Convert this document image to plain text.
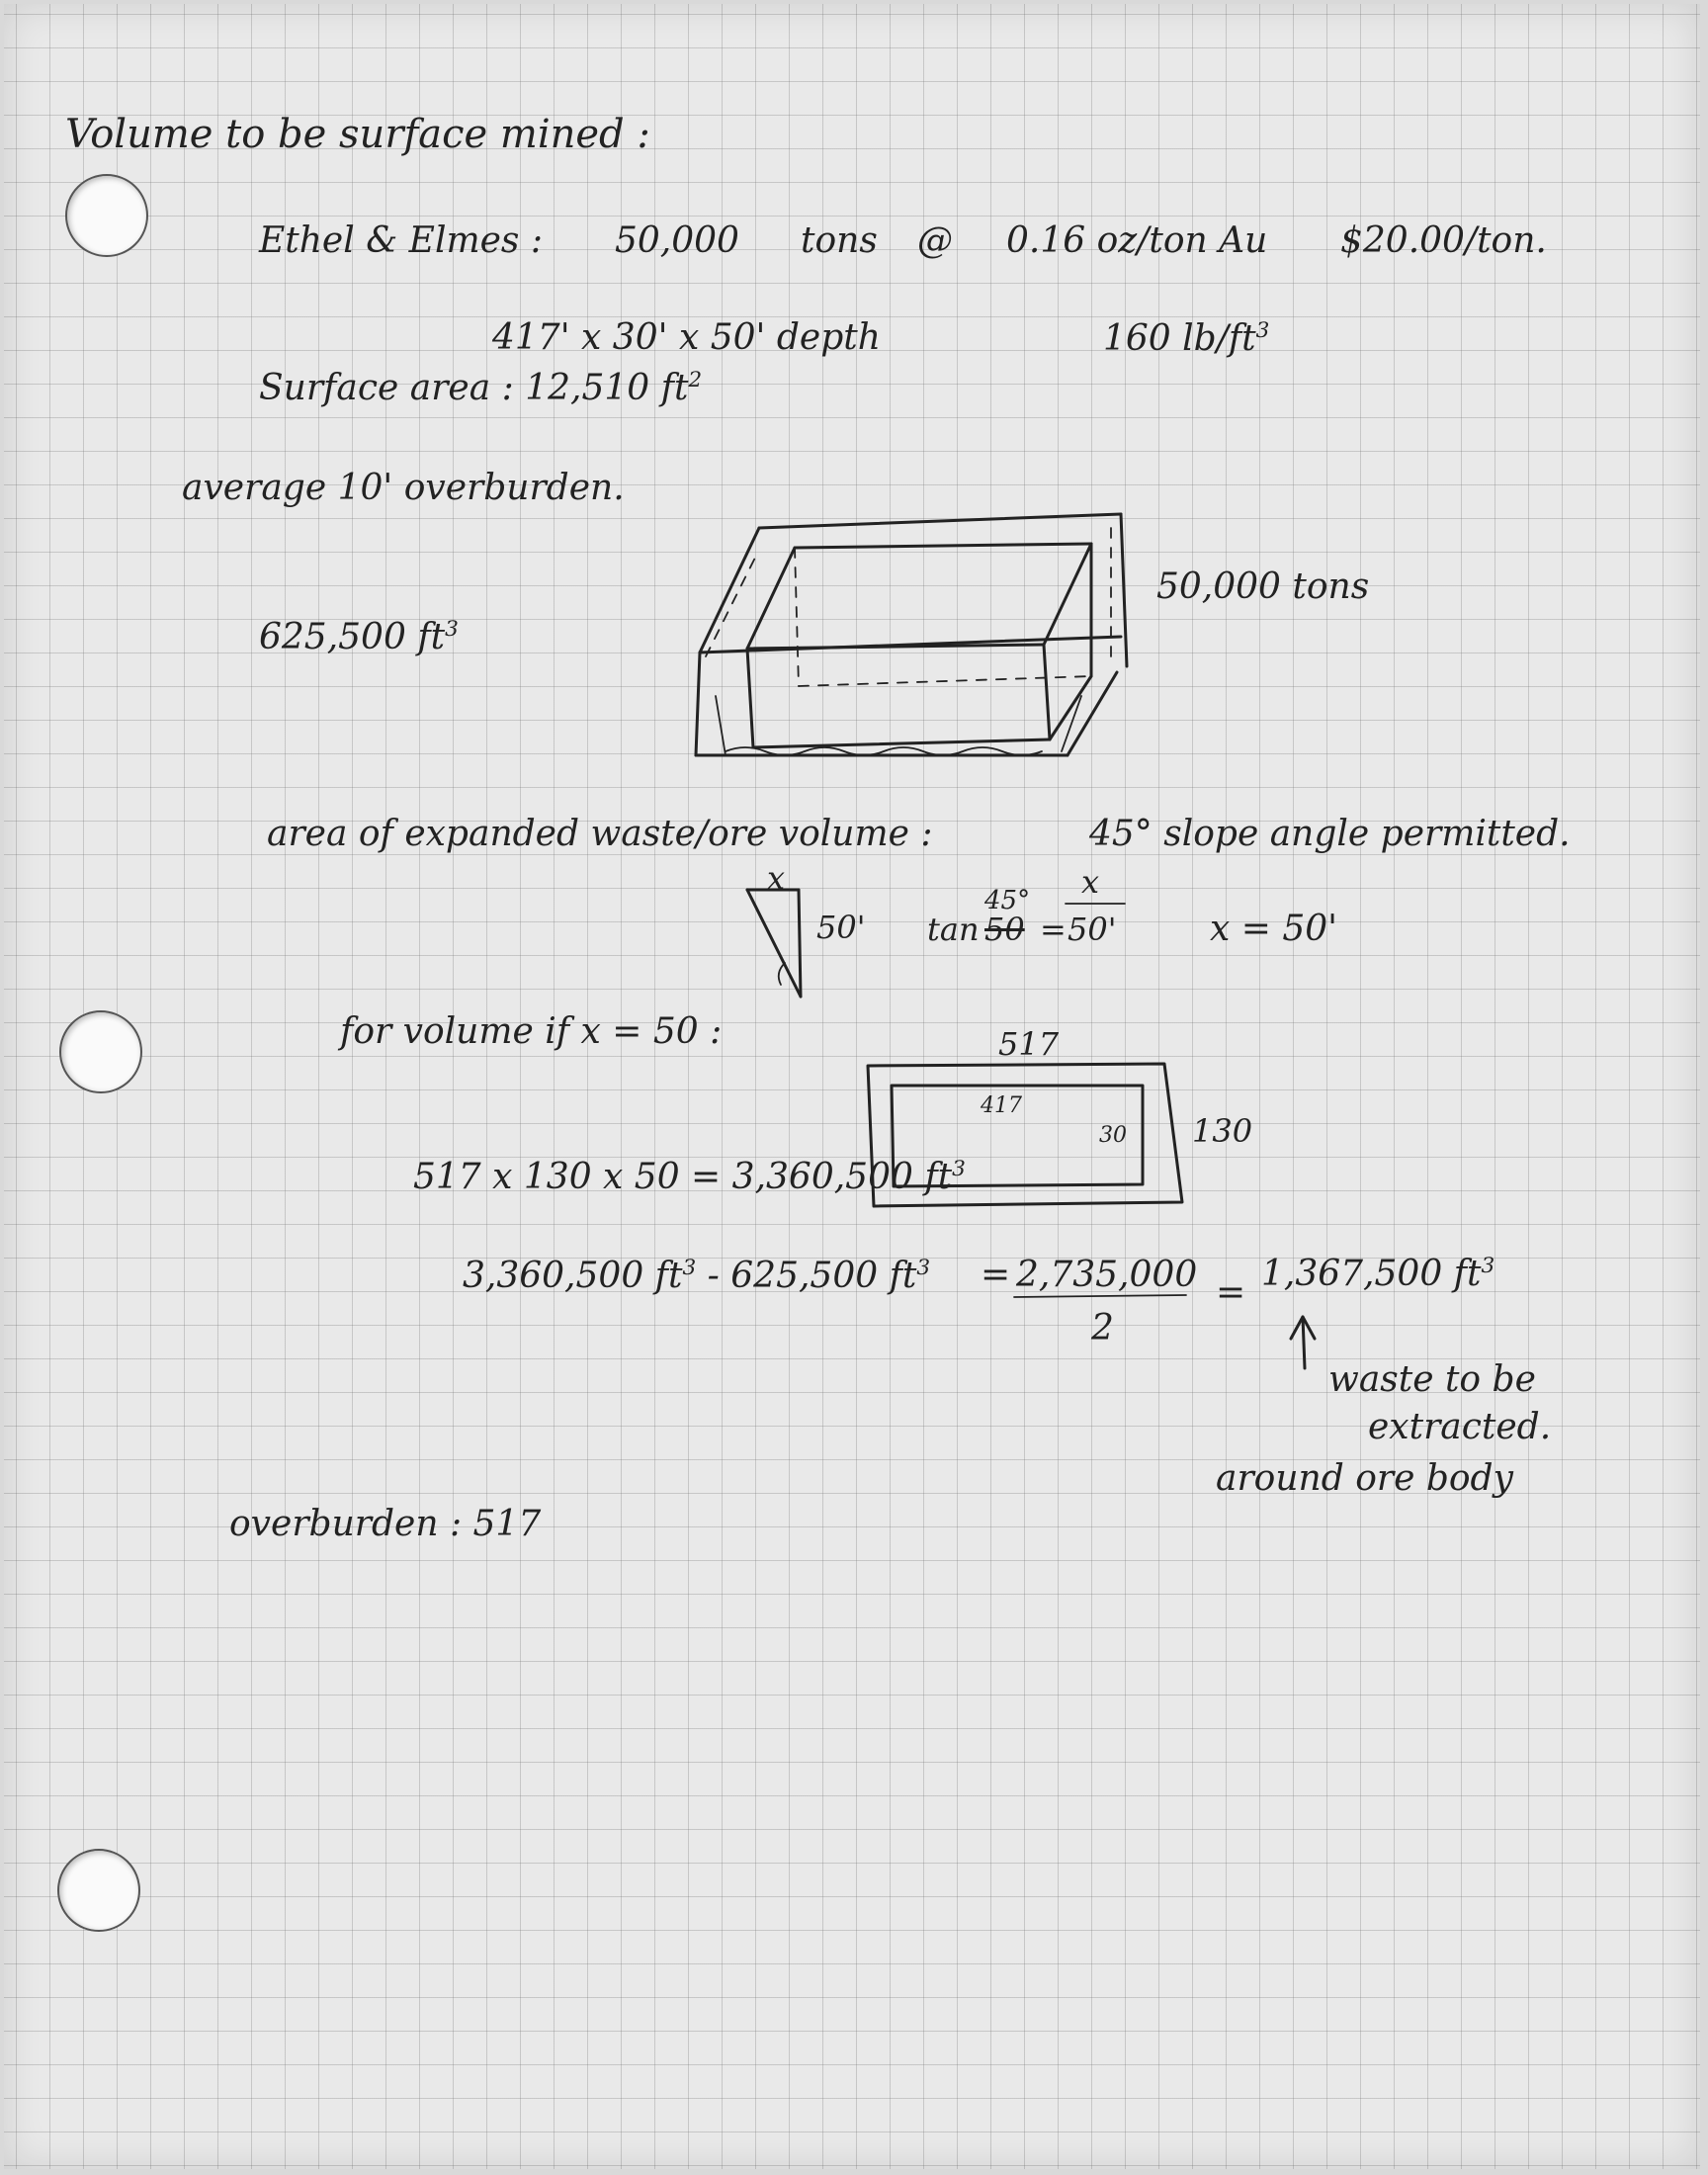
Volume to be surface mined :
Ethel & Elmes : 50,000 tons @ 0.16 oz/ton Au $20.00/ton.
417' x 30' x 50' depth	160 $lb/ft^3$
Surface area : 12,510 $ft^2$
average 10' overburden.
625,500 $ft^3$
50,000 tons
area of expanded waste/ore volume :	45° slope angle permitted.
x
50' tan
45°
50 =
x
50'	x = 50'
for volume if x = 50 :	517
417
30 130
517 x 130 x 50 = 3,360,500 $ft^3$
3,360,500 $ft^3 - 625,500$ $ft^3 = 2,735,000$
2
= 1,367,500 $ft^3$
waste to be
extracted.
around ore body
overburden : 517
